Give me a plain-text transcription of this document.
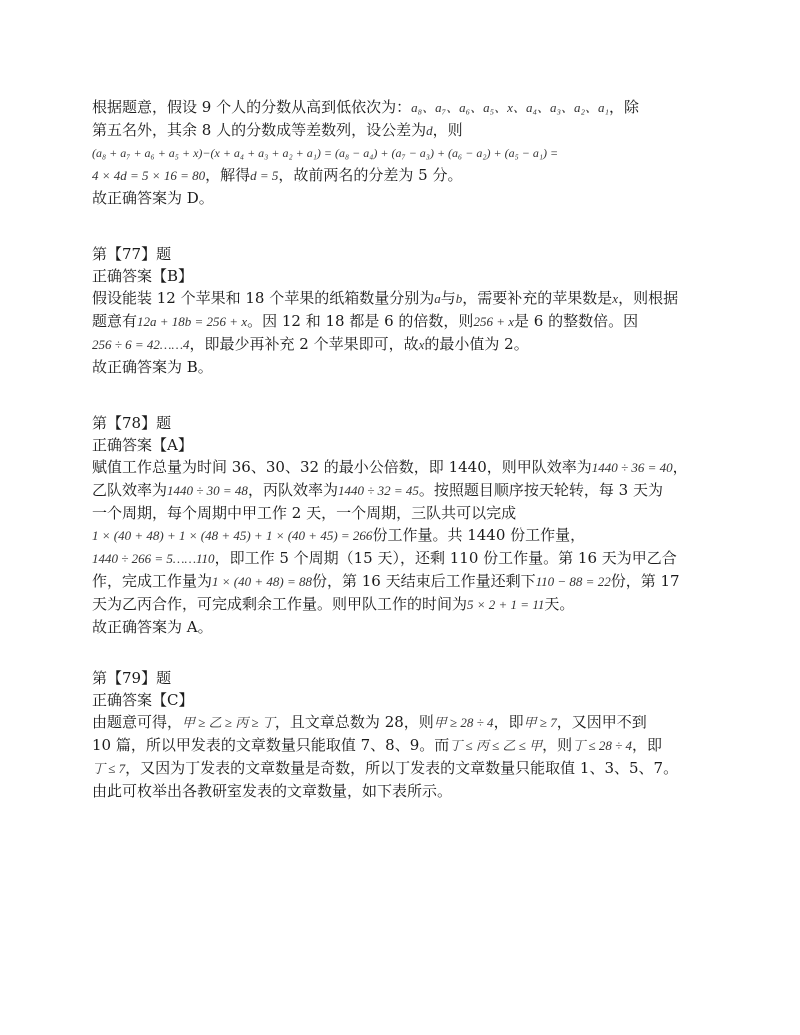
根据题意，假设 9 个人的分数从高到低依次为：a₈、a₇、a₆、a₅、x、a₄、a₃、a₂、a₁，除
第五名外，其余 8 人的分数成等差数列，设公差为d，则
(a₈ + a₇ + a₆ + a₅ + x)−(x + a₄ + a₃ + a₂ + a₁) = (a₈ − a₄) + (a₇ − a₃) + (a₆ − a₂) + (a₅ − a₁) =
4 × 4d = 5 × 16 = 80，解得d = 5，故前两名的分差为 5 分。
故正确答案为 D。
第【77】题
正确答案【B】
假设能装 12 个苹果和 18 个苹果的纸箱数量分别为a与b，需要补充的苹果数是x，则根据
题意有12a + 18b = 256 + x。因 12 和 18 都是 6 的倍数，则256 + x是 6 的整数倍。因
256 ÷ 6 = 42……4，即最少再补充 2 个苹果即可，故x的最小值为 2。
故正确答案为 B。
第【78】题
正确答案【A】
赋值工作总量为时间 36、30、32 的最小公倍数，即 1440，则甲队效率为1440 ÷ 36 = 40，
乙队效率为1440 ÷ 30 = 48，丙队效率为1440 ÷ 32 = 45。按照题目顺序按天轮转，每 3 天为
一个周期，每个周期中甲工作 2 天，一个周期，三队共可以完成
1 × (40 + 48) + 1 × (48 + 45) + 1 × (40 + 45) = 266份工作量。共 1440 份工作量，
1440 ÷ 266 = 5……110，即工作 5 个周期（15 天），还剩 110 份工作量。第 16 天为甲乙合
作，完成工作量为1 × (40 + 48) = 88份，第 16 天结束后工作量还剩下110 − 88 = 22份，第 17
天为乙丙合作，可完成剩余工作量。则甲队工作的时间为5 × 2 + 1 = 11天。
故正确答案为 A。
第【79】题
正确答案【C】
由题意可得，甲 ≥ 乙 ≥ 丙 ≥ 丁，且文章总数为 28，则甲 ≥ 28 ÷ 4，即甲 ≥ 7，又因甲不到
10 篇，所以甲发表的文章数量只能取值 7、8、9。而丁 ≤ 丙 ≤ 乙 ≤ 甲，则丁 ≤ 28 ÷ 4，即
丁 ≤ 7，又因为丁发表的文章数量是奇数，所以丁发表的文章数量只能取值 1、3、5、7。
由此可枚举出各教研室发表的文章数量，如下表所示。
